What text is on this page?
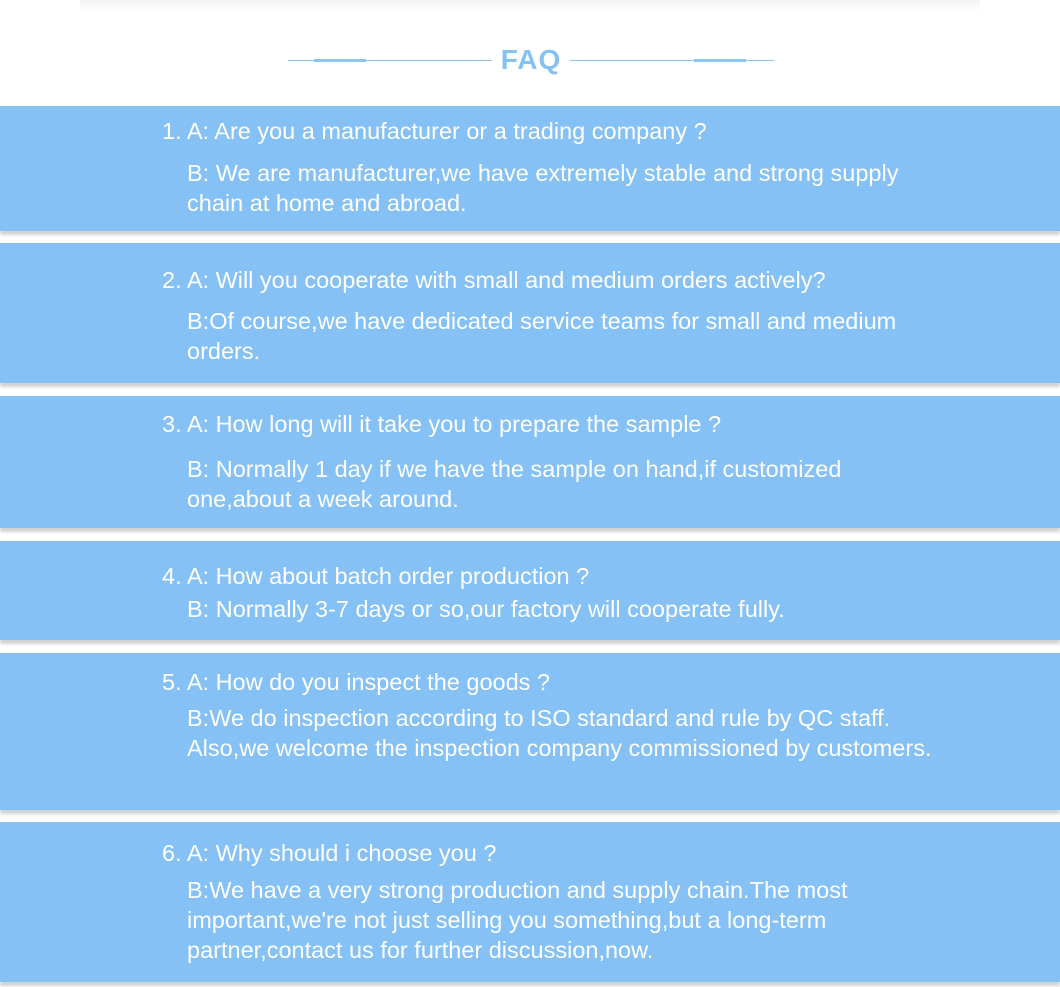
FAQ
1. A: Are you a manufacturer or a trading company ?
B: We are manufacturer,we have extremely stable and strong supply chain at home and abroad.
2. A: Will you cooperate with small and medium orders actively?
B:Of course,we have dedicated service teams for small and medium orders.
3. A: How long will it take you to prepare the sample ?
B: Normally 1 day if we have the sample on hand,if customized one,about a week around.
4. A: How about batch order production ?
B: Normally 3-7 days or so,our factory will cooperate fully.
5. A: How do you inspect the goods ?
B:We do inspection according to ISO standard and rule by QC staff. Also,we welcome the inspection company commissioned by customers.
6. A: Why should i choose you ?
B:We have a very strong production and supply chain.The most important,we're not just selling you something,but a long-term partner,contact us for further discussion,now.
